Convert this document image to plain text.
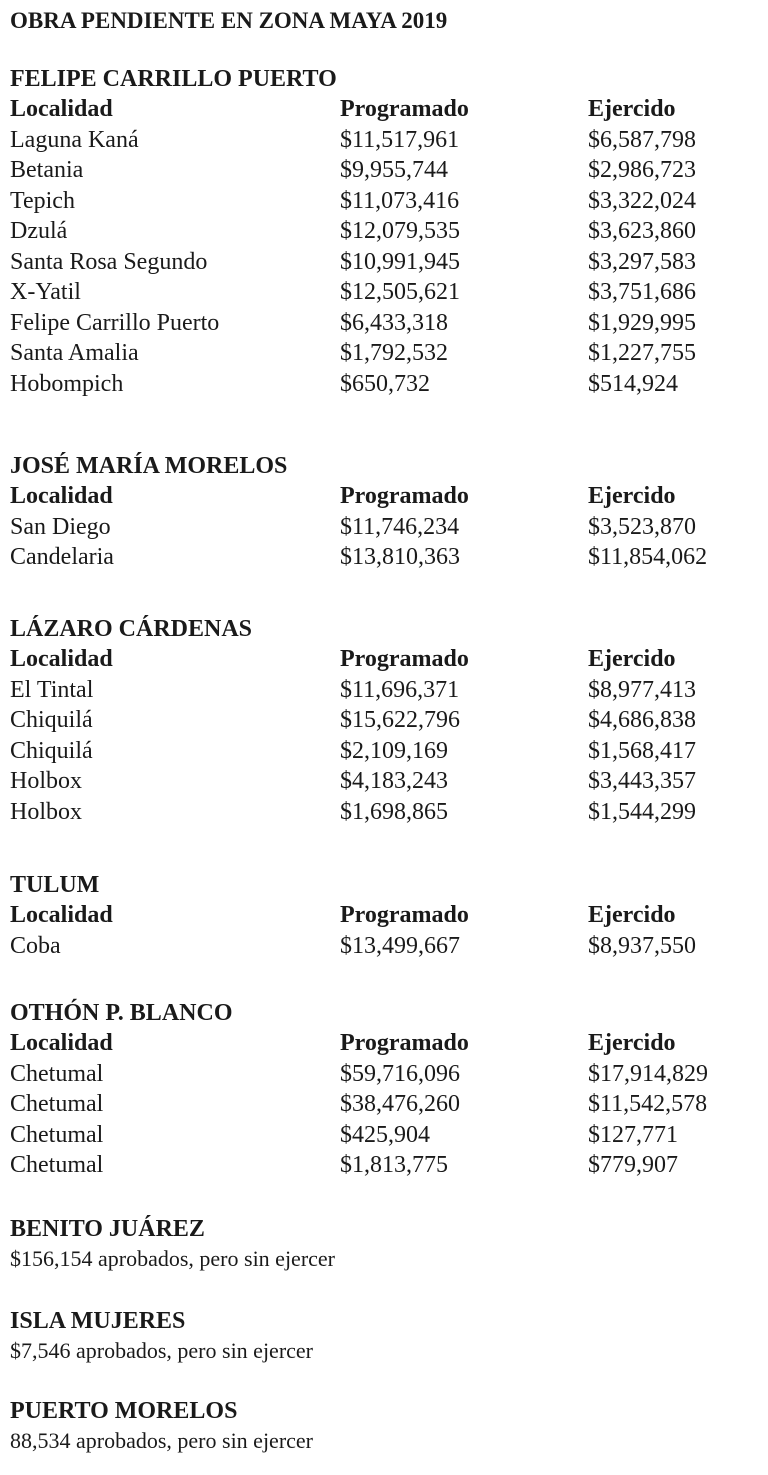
OBRA PENDIENTE EN ZONA MAYA 2019
FELIPE CARRILLO PUERTO
Localidad	Programado	Ejercido
Laguna Kaná	$11,517,961	$6,587,798
Betania	$9,955,744	$2,986,723
Tepich	$11,073,416	$3,322,024
Dzulá	$12,079,535	$3,623,860
Santa Rosa Segundo	$10,991,945	$3,297,583
X-Yatil	$12,505,621	$3,751,686
Felipe Carrillo Puerto	$6,433,318	$1,929,995
Santa Amalia	$1,792,532	$1,227,755
Hobompich	$650,732	$514,924
JOSÉ MARÍA MORELOS
Localidad	Programado	Ejercido
San Diego	$11,746,234	$3,523,870
Candelaria	$13,810,363	$11,854,062
LÁZARO CÁRDENAS
Localidad	Programado	Ejercido
El Tintal	$11,696,371	$8,977,413
Chiquilá	$15,622,796	$4,686,838
Chiquilá	$2,109,169	$1,568,417
Holbox	$4,183,243	$3,443,357
Holbox	$1,698,865	$1,544,299
TULUM
Localidad	Programado	Ejercido
Coba	$13,499,667	$8,937,550
OTHÓN P. BLANCO
Localidad	Programado	Ejercido
Chetumal	$59,716,096	$17,914,829
Chetumal	$38,476,260	$11,542,578
Chetumal	$425,904	$127,771
Chetumal	$1,813,775	$779,907
BENITO JUÁREZ
$156,154 aprobados, pero sin ejercer
ISLA MUJERES
$7,546 aprobados, pero sin ejercer
PUERTO MORELOS
88,534 aprobados, pero sin ejercer
